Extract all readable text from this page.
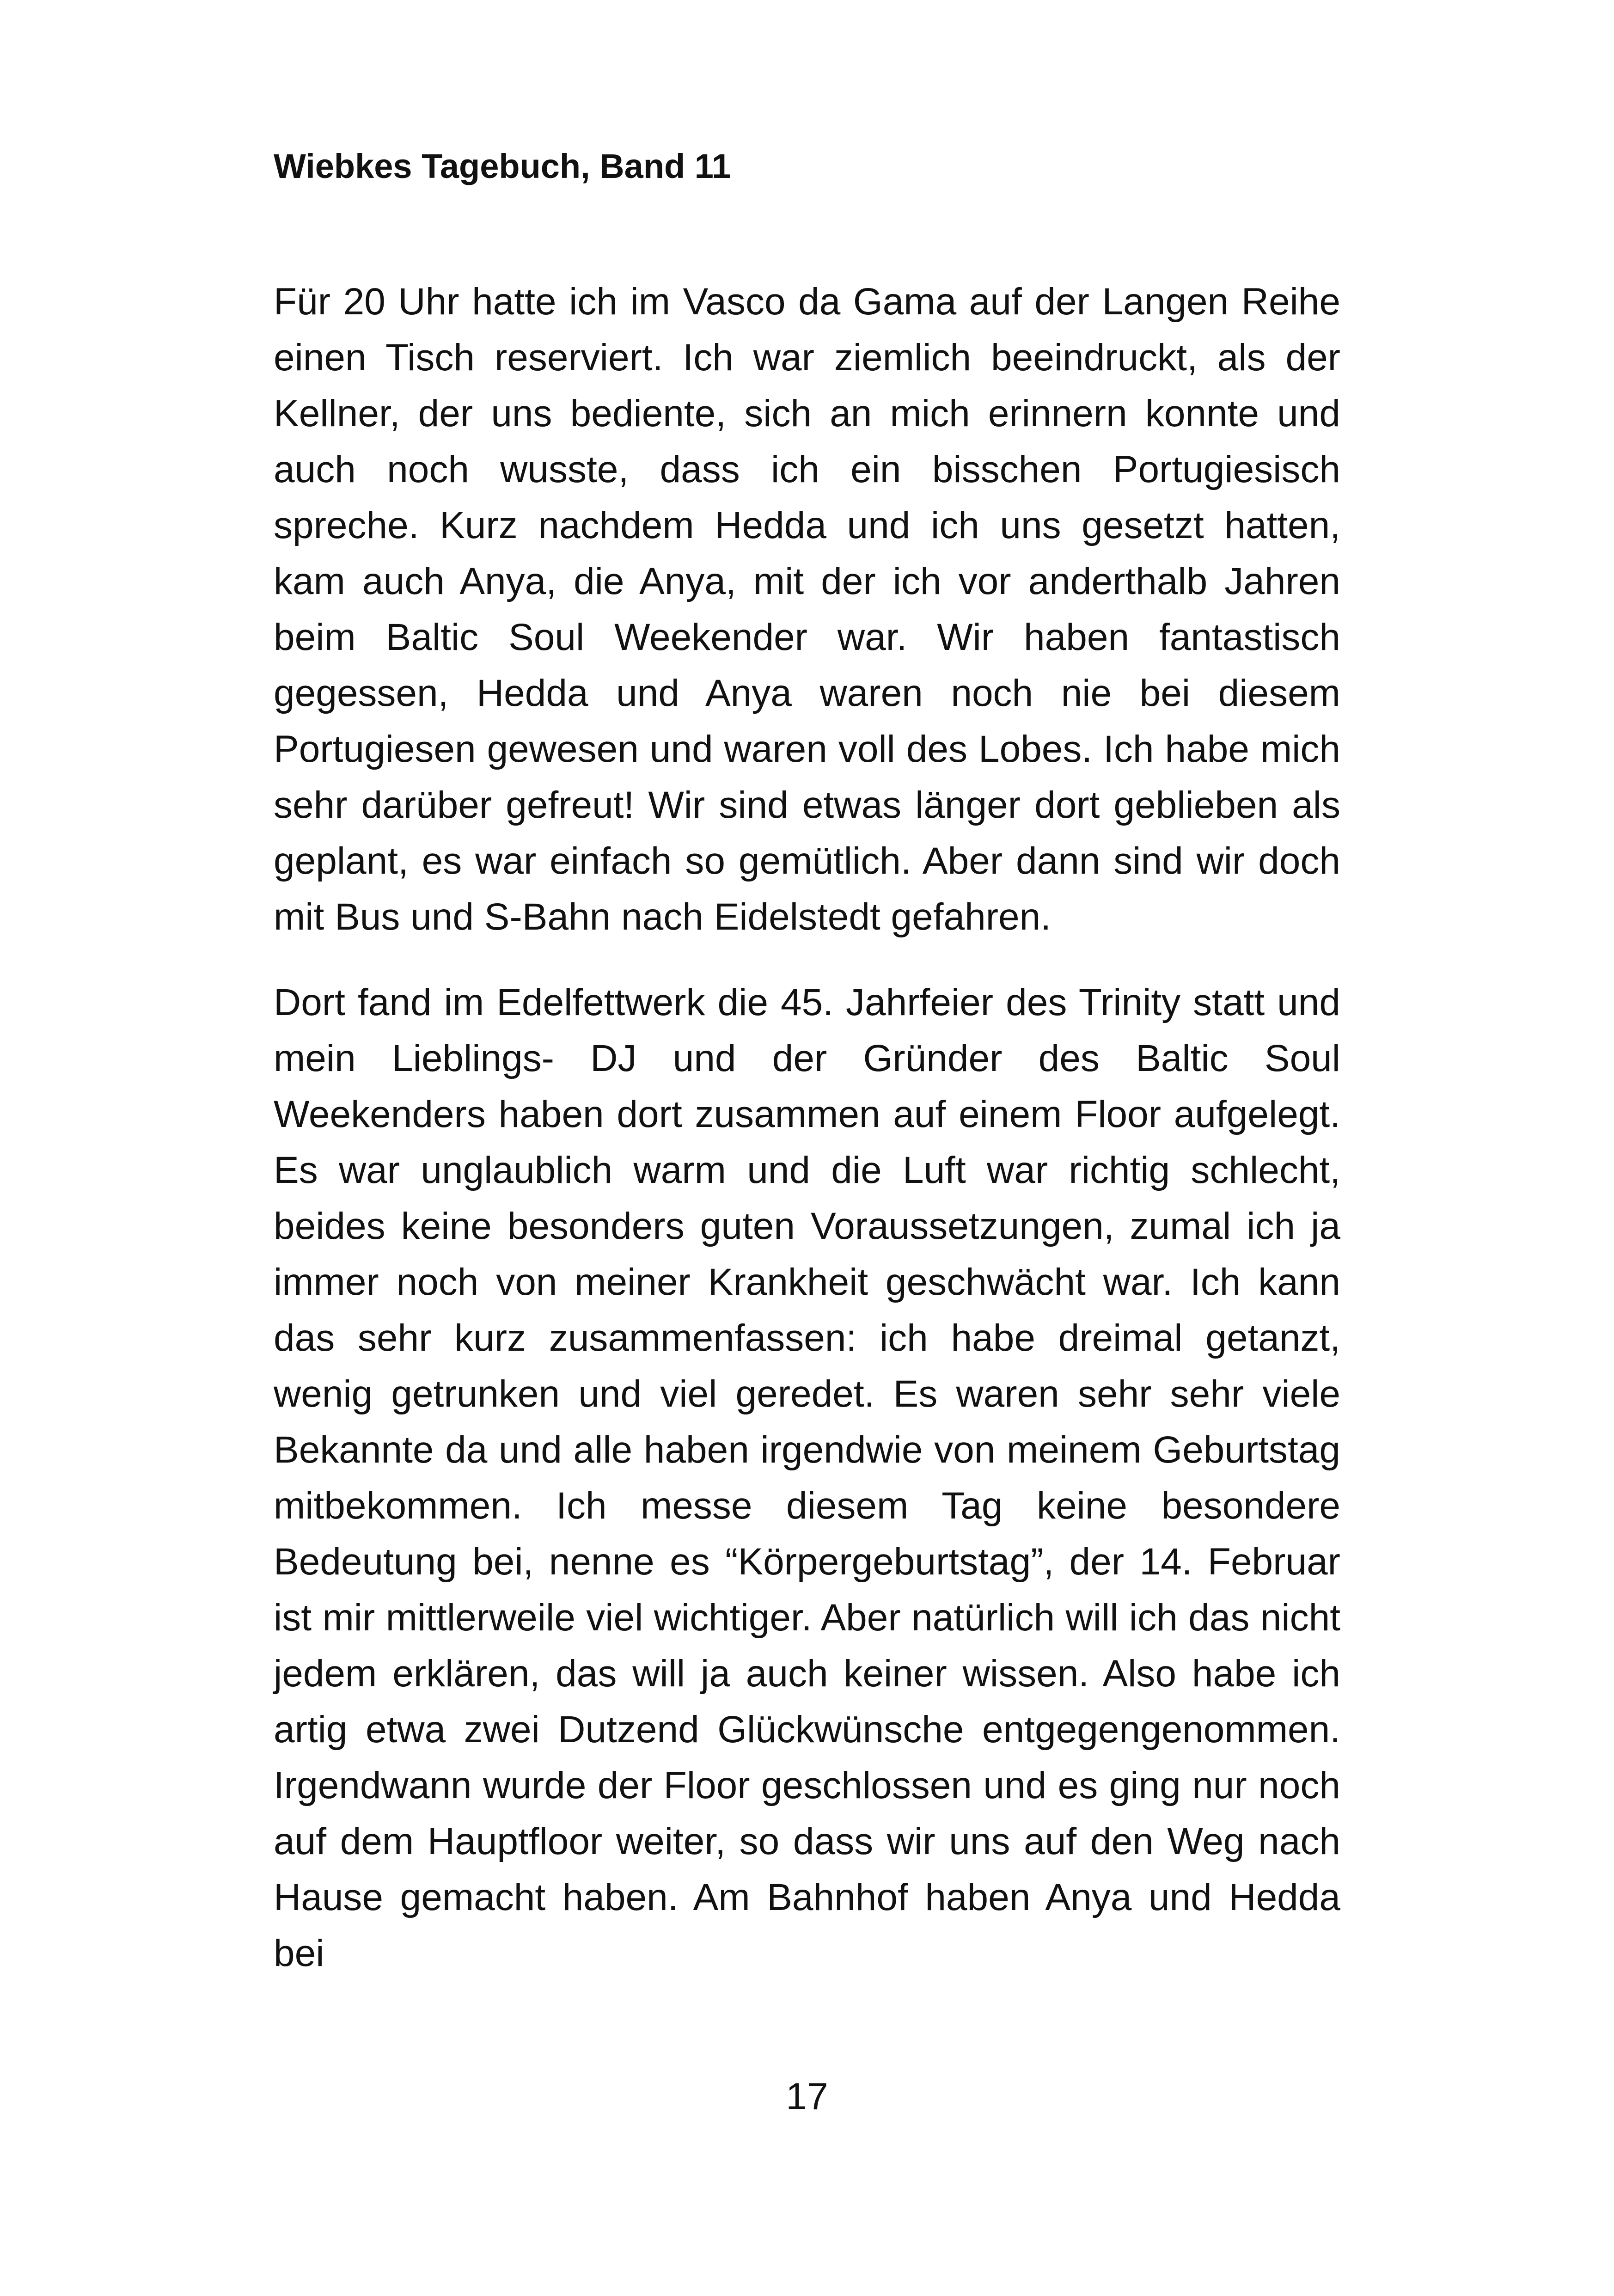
Wiebkes Tagebuch, Band 11

Für 20 Uhr hatte ich im Vasco da Gama auf der Langen Reihe einen Tisch reserviert. Ich war ziemlich beeindruckt, als der Kellner, der uns bediente, sich an mich erinnern konnte und auch noch wusste, dass ich ein bisschen Portugiesisch spreche. Kurz nachdem Hedda und ich uns gesetzt hatten, kam auch Anya, die Anya, mit der ich vor anderthalb Jahren beim Baltic Soul Weekender war. Wir haben fantastisch gegessen, Hedda und Anya waren noch nie bei diesem Portugiesen gewesen und waren voll des Lobes. Ich habe mich sehr darüber gefreut! Wir sind etwas länger dort geblieben als geplant, es war einfach so gemütlich. Aber dann sind wir doch mit Bus und S-Bahn nach Eidelstedt gefahren.

Dort fand im Edelfettwerk die 45. Jahrfeier des Trinity statt und mein Lieblings- DJ und der Gründer des Baltic Soul Weekenders haben dort zusammen auf einem Floor aufgelegt. Es war unglaublich warm und die Luft war richtig schlecht, beides keine besonders guten Voraussetzungen, zumal ich ja immer noch von meiner Krankheit geschwächt war. Ich kann das sehr kurz zusammenfassen: ich habe dreimal getanzt, wenig getrunken und viel geredet. Es waren sehr sehr viele Bekannte da und alle haben irgendwie von meinem Geburtstag mitbekommen. Ich messe diesem Tag keine besondere Bedeutung bei, nenne es “Körpergeburtstag”, der 14. Februar ist mir mittlerweile viel wichtiger. Aber natürlich will ich das nicht jedem erklären, das will ja auch keiner wissen. Also habe ich artig etwa zwei Dutzend Glückwünsche entgegengenommen. Irgendwann wurde der Floor geschlossen und es ging nur noch auf dem Hauptfloor weiter, so dass wir uns auf den Weg nach Hause gemacht haben. Am Bahnhof haben Anya und Hedda bei

17
